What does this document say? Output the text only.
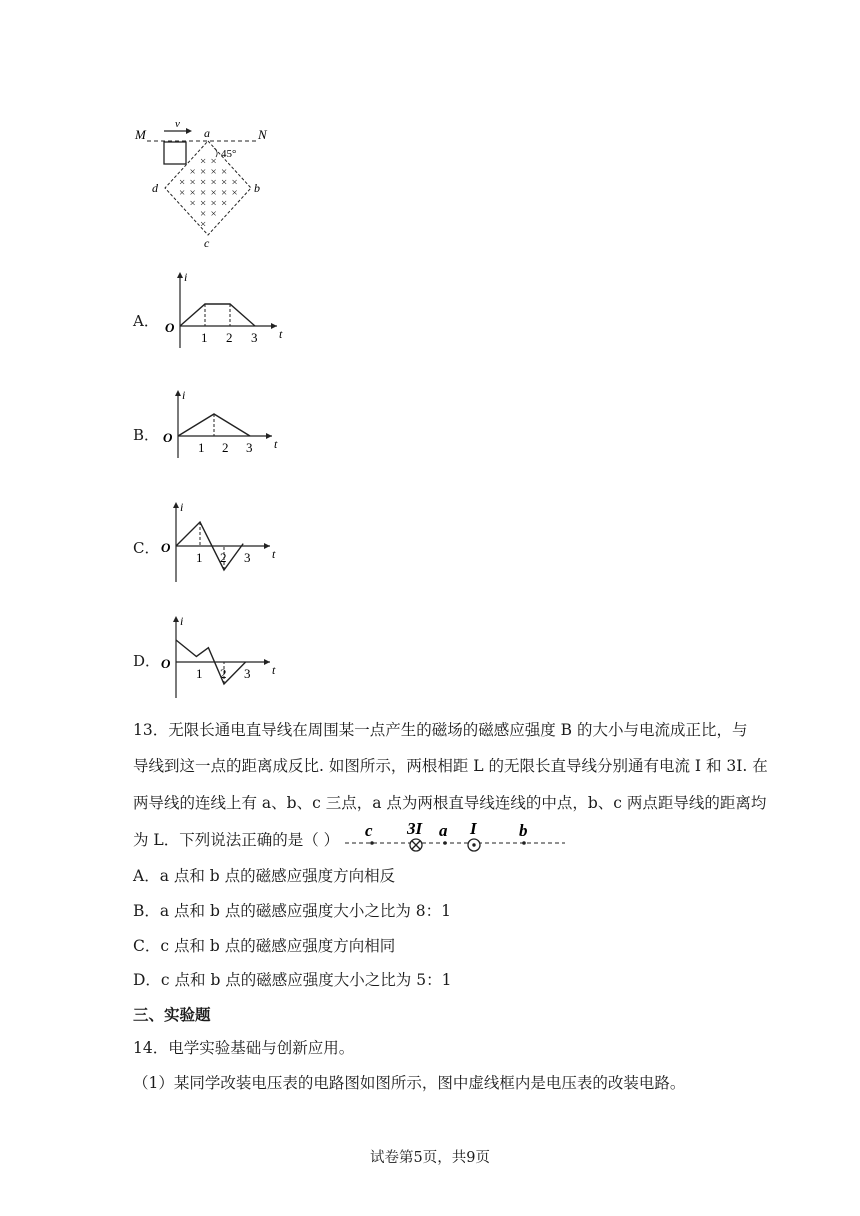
M	N
v
a
b
c
d
45°
× ×
× × × ×
× × × × × ×
× × × × × ×
× × × ×
× ×
×
A．
i
t
O
1 2 3
B．
i
t
O
1 2 3
C．
i
t
O
1 2 3
D．
i
t
O
1 2 3
13．无限长通电直导线在周围某一点产生的磁场的磁感应强度 B 的大小与电流成正比，与
导线到这一点的距离成反比. 如图所示，两根相距 L 的无限长直导线分别通有电流 I 和 3I. 在
两导线的连线上有 a、b、c 三点，a 点为两根直导线连线的中点，b、c 两点距导线的距离均
为 L．下列说法正确的是（ ） c 3I a I b
A．a 点和 b 点的磁感应强度方向相反
B．a 点和 b 点的磁感应强度大小之比为 8：1
C．c 点和 b 点的磁感应强度方向相同
D．c 点和 b 点的磁感应强度大小之比为 5：1
三、实验题
14．电学实验基础与创新应用。
（1）某同学改装电压表的电路图如图所示，图中虚线框内是电压表的改装电路。
试卷第5页，共9页
